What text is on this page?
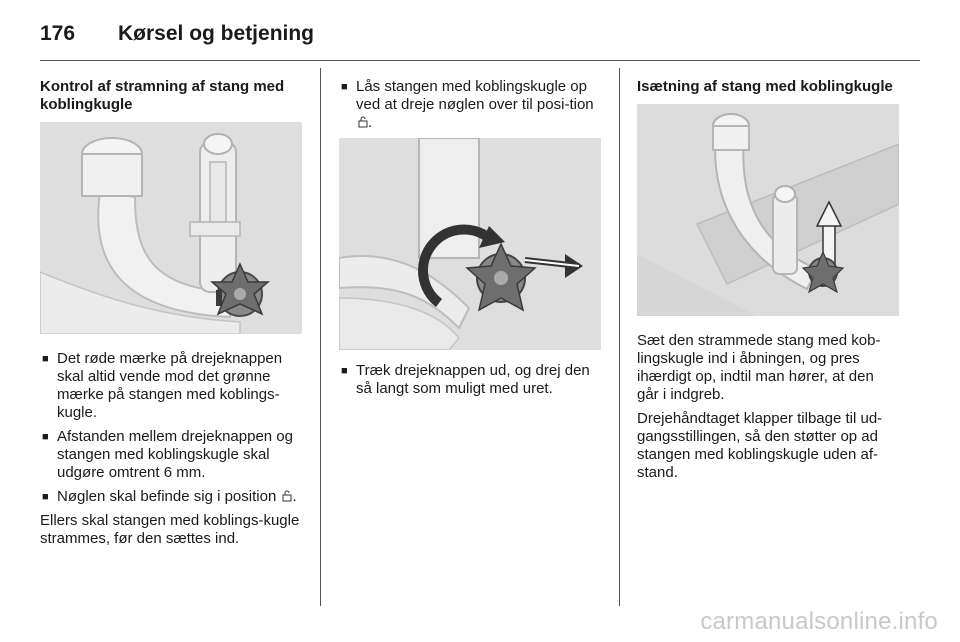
176 Kørsel og betjening
Kontrol af stramning af stang med koblingkugle
■ Det røde mærke på drejeknappen skal altid vende mod det grønne mærke på stangen med koblings-kugle.
■ Afstanden mellem drejeknappen og stangen med koblingskugle skal udgøre omtrent 6 mm.
■ Nøglen skal befinde sig i position .

Ellers skal stangen med koblings-kugle strammes, før den sættes ind.

■ Lås stangen med koblingskugle op ved at dreje nøglen over til posi-tion .
■ Træk drejeknappen ud, og drej den så langt som muligt med uret.
Isætning af stang med koblingkugle

Sæt den strammede stang med kob-lingskugle ind i åbningen, og pres ihærdigt op, indtil man hører, at den går i indgreb.

Drejehåndtaget klapper tilbage til ud-gangsstillingen, så den støtter op ad stangen med koblingskugle uden af-stand.

carmanualsonline.info
